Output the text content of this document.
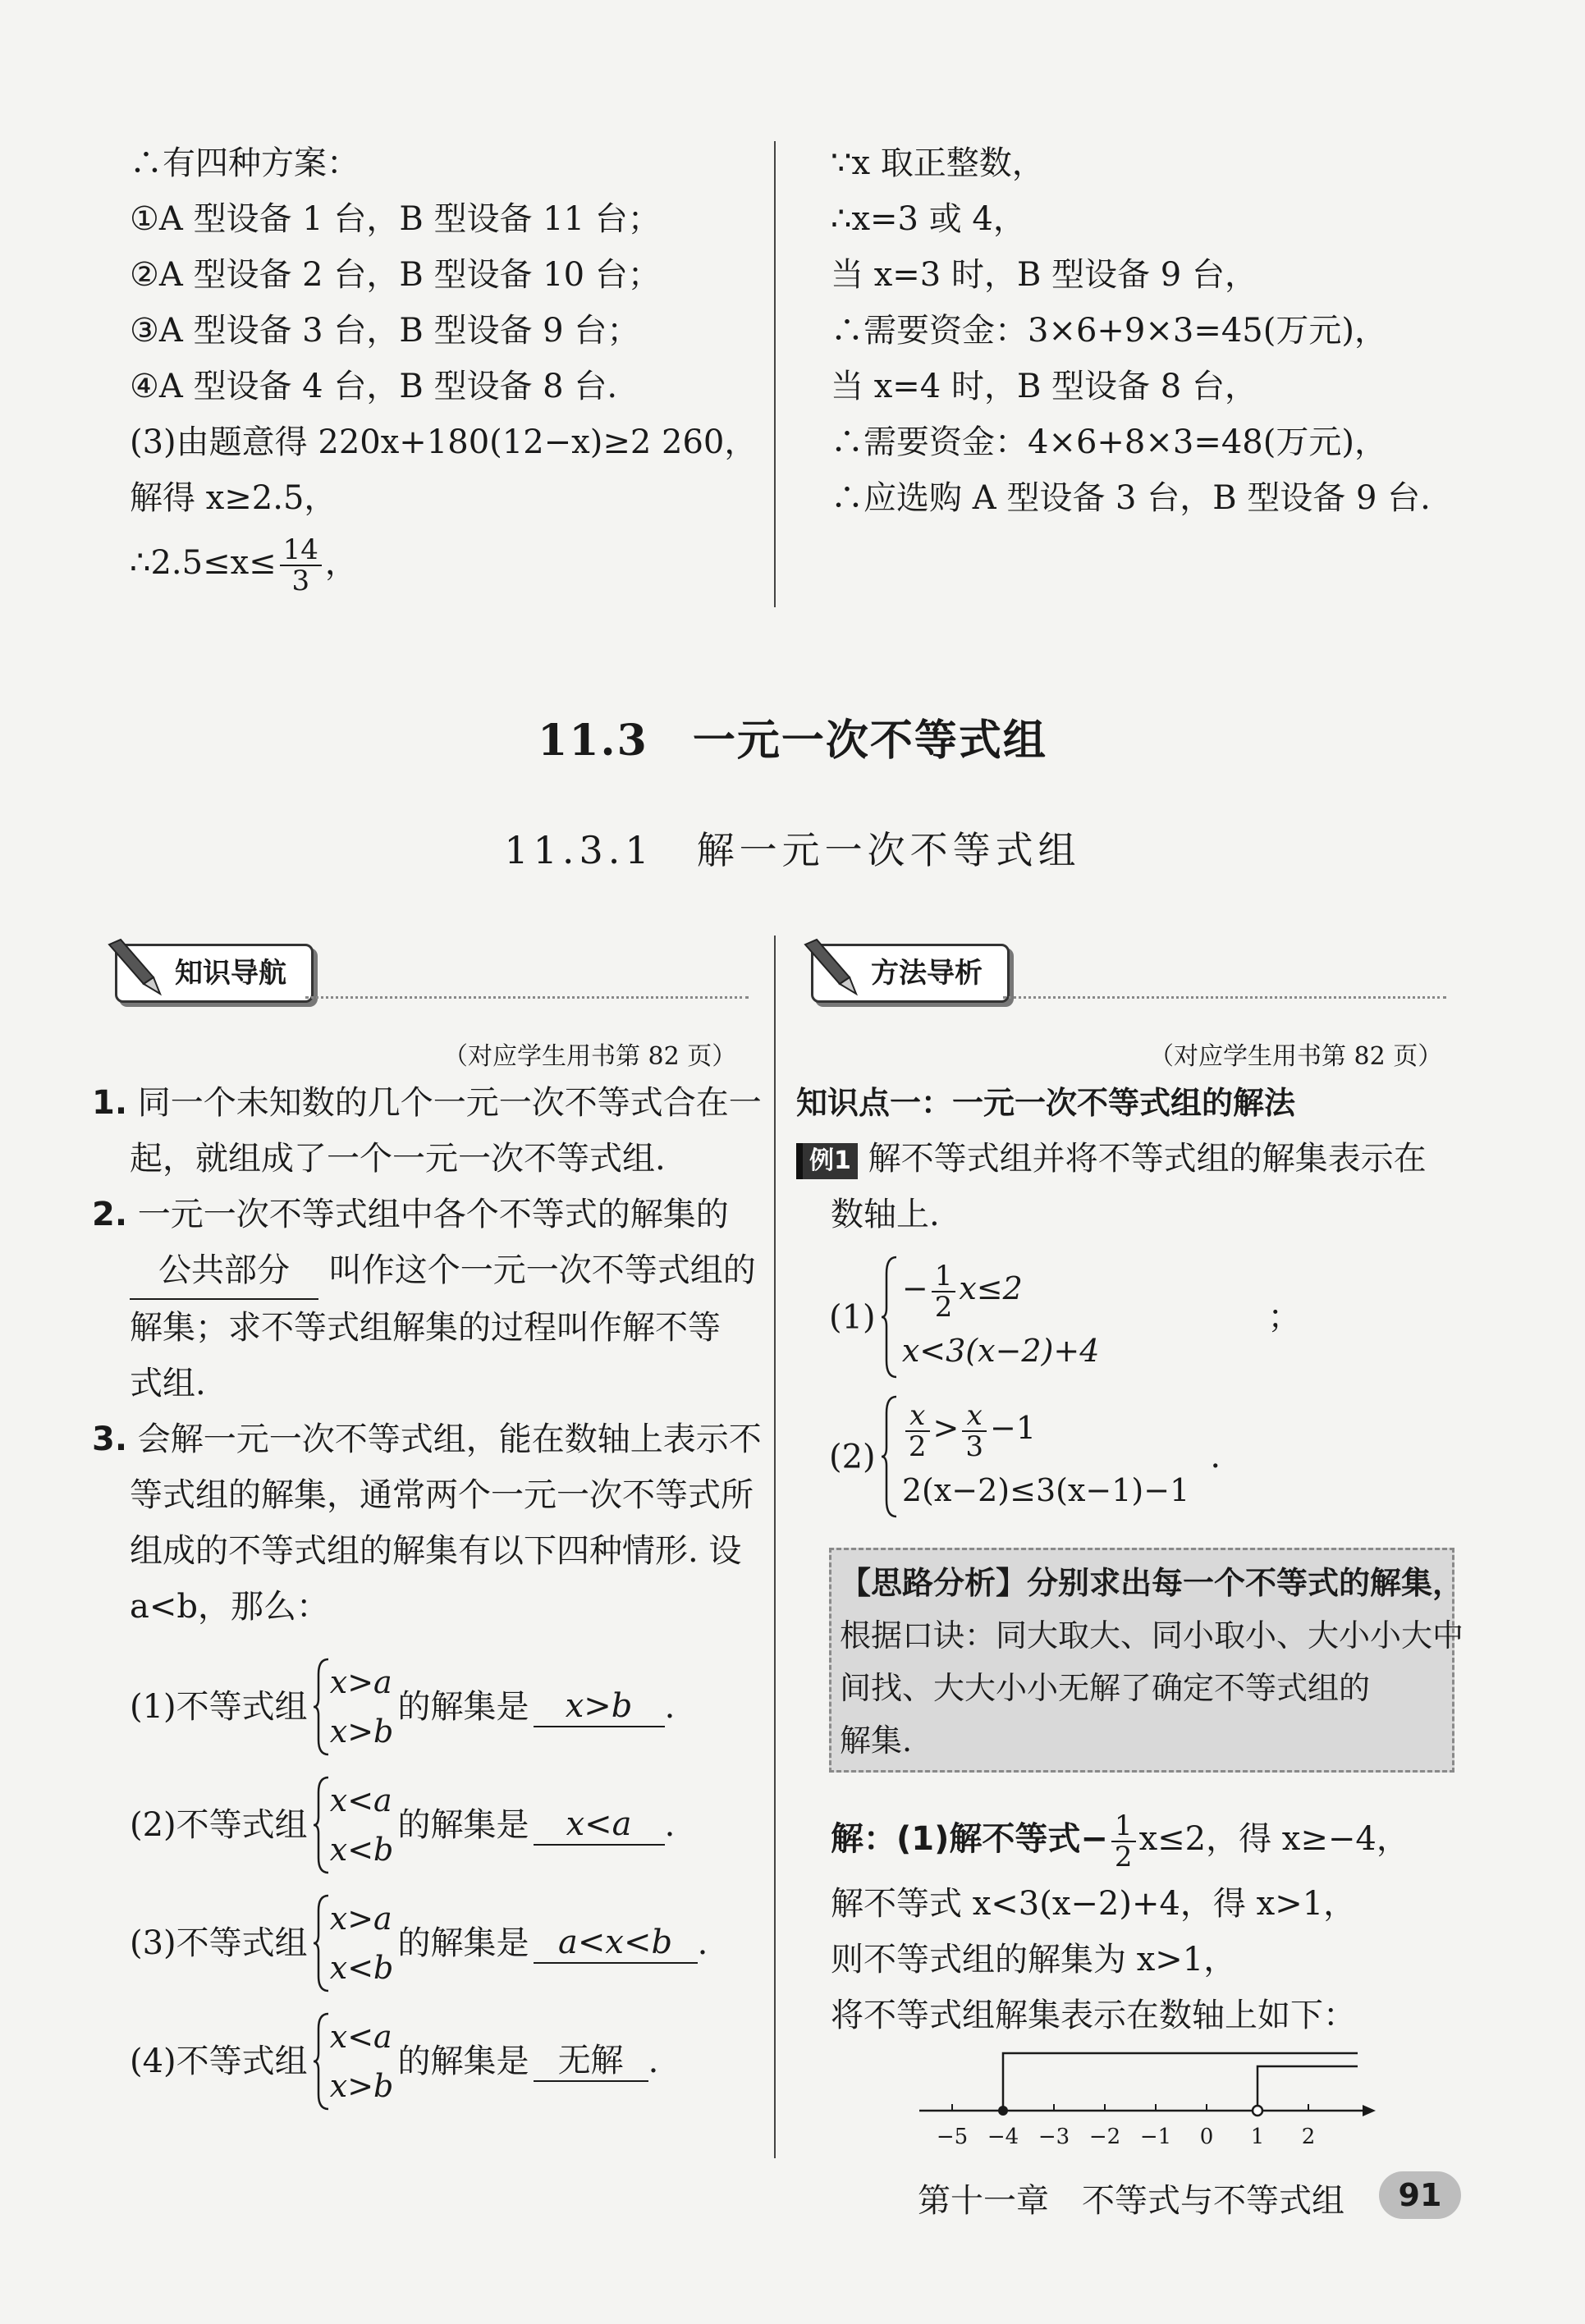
∴有四种方案：
①A 型设备 1 台，B 型设备 11 台；
②A 型设备 2 台，B 型设备 10 台；
③A 型设备 3 台，B 型设备 9 台；
④A 型设备 4 台，B 型设备 8 台.
(3)由题意得 220x+180(12−x)≥2 260，
解得 x≥2.5，
∴2.5≤x≤ $\frac{14}{3}$ ，
∵x 取正整数，
∴x=3 或 4，
当 x=3 时，B 型设备 9 台，
∴需要资金：3×6+9×3=45(万元)，
当 x=4 时，B 型设备 8 台，
∴需要资金：4×6+8×3=48(万元)，
∴应选购 A 型设备 3 台，B 型设备 9 台.
11.3　一元一次不等式组
11.3.1　解一元一次不等式组
知识导航	方法导析
（对应学生用书第 82 页）
1. 同一个未知数的几个一元一次不等式合在一
起，就组成了一个一元一次不等式组.
2. 一元一次不等式组中各个不等式的解集的
公共部分 叫作这个一元一次不等式组的
解集；求不等式组解集的过程叫作解不等
式组.
3. 会解一元一次不等式组，能在数轴上表示不
等式组的解集，通常两个一元一次不等式所
组成的不等式组的解集有以下四种情形. 设
a<b，那么：
(1)不等式组
x>a
x>b
的解集是 x>b .
(2)不等式组
x<a
x<b
的解集是 x<a .
(3)不等式组
x>a
x<b
的解集是 a<x<b .
(4)不等式组
x<a
x>b
的解集是 无解 .
（对应学生用书第 82 页）
知识点一：一元一次不等式组的解法
例1 解不等式组并将不等式组的解集表示在
数轴上.
(1)
− $\frac{1}{2} x\le 2$
x<3(x−2)+4
；
$(2) \frac{x}{2} > \frac{x}{3} -1$
2(x−2)≤3(x−1)−1
.
【思路分析】分别求出每一个不等式的解集，
根据口诀：同大取大、同小取小、大小小大中
间找、大大小小无解了确定不等式组的
解集.
解：(1)解不等式− $\frac{1}{2} x\le 2$，得 x≥−4，
解不等式 x<3(x−2)+4，得 x>1，
则不等式组的解集为 x>1，
将不等式组解集表示在数轴上如下：
−5 −4 −3 −2 −1 0 1 2
第十一章　不等式与不等式组	91
